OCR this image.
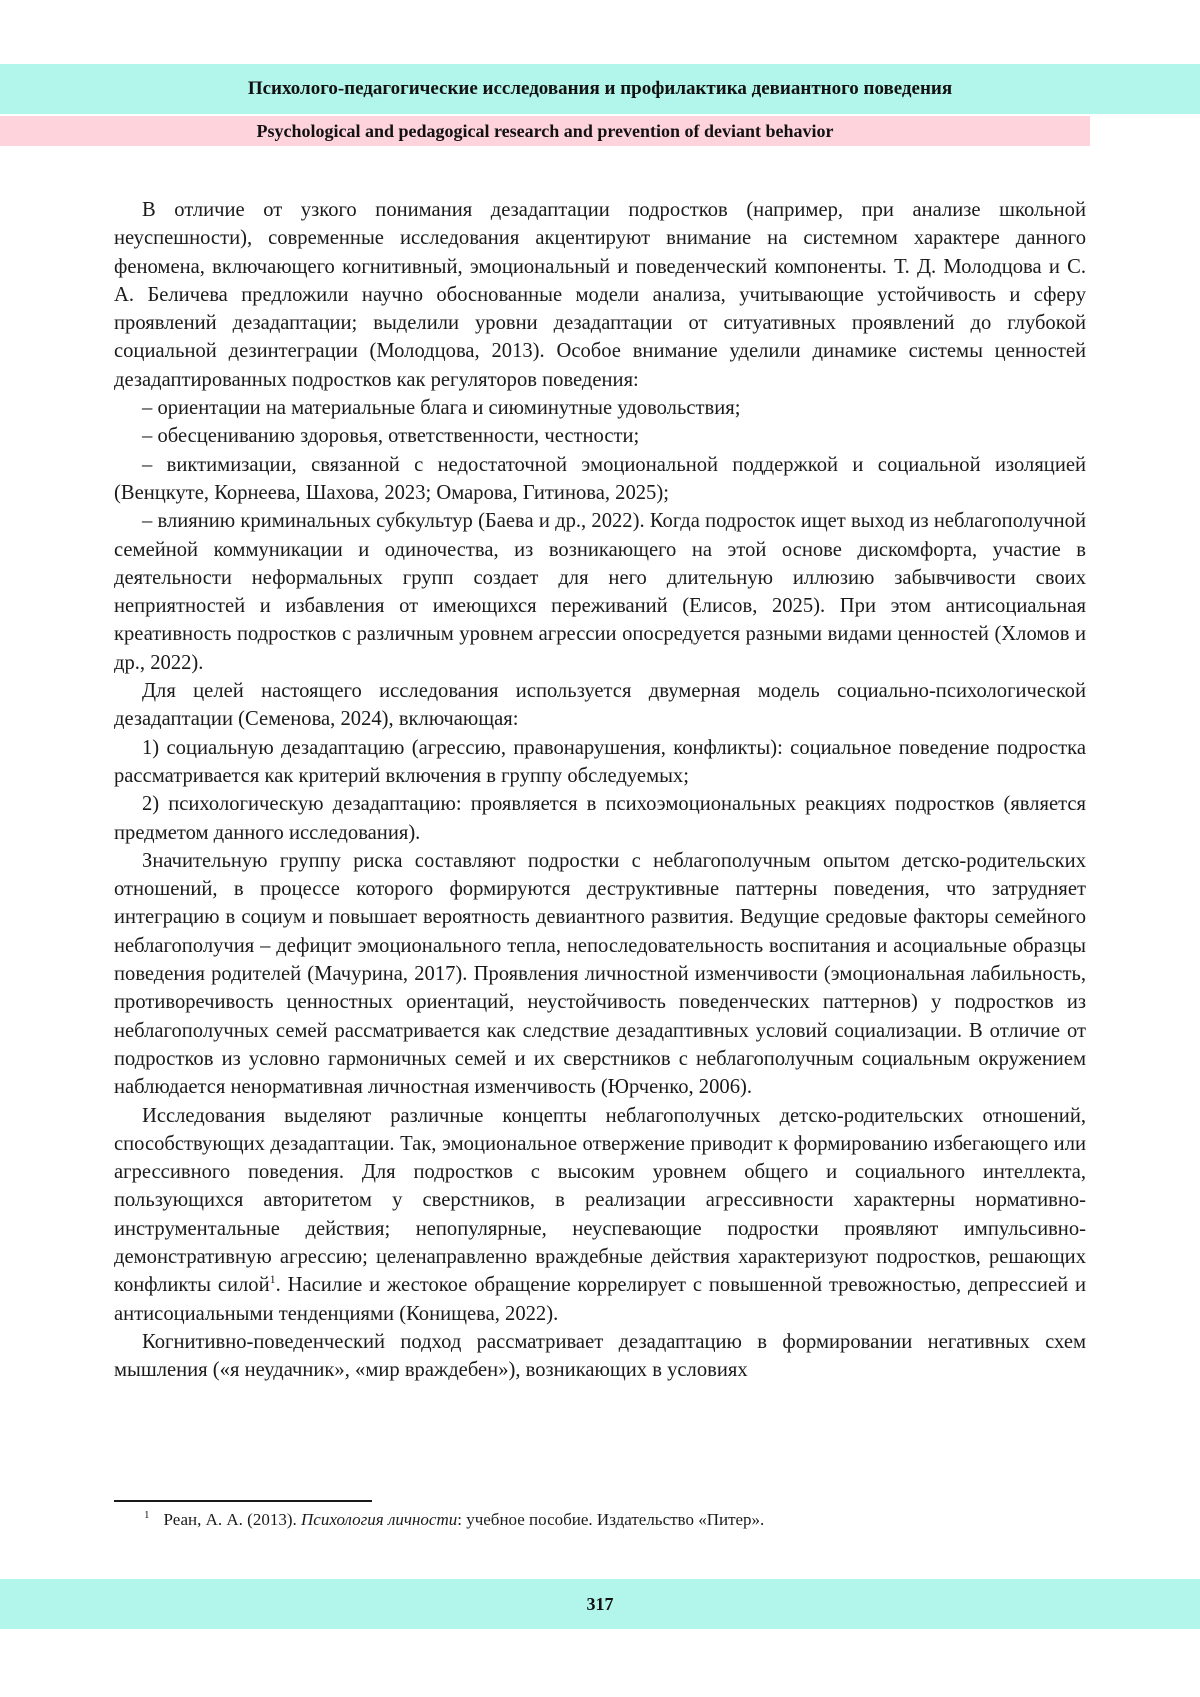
Психолого-педагогические исследования и профилактика девиантного поведения
Psychological and pedagogical research and prevention of deviant behavior

В отличие от узкого понимания дезадаптации подростков (например, при анализе школьной неуспешности), современные исследования акцентируют внимание на системном характере данного феномена, включающего когнитивный, эмоциональный и поведенческий компоненты. Т. Д. Молодцова и С. А. Беличева предложили научно обоснованные модели анализа, учитывающие устойчивость и сферу проявлений дезадаптации; выделили уровни дезадаптации от ситуативных проявлений до глубокой социальной дезинтеграции (Молодцова, 2013). Особое внимание уделили динамике системы ценностей дезадаптированных подростков как регуляторов поведения:

– ориентации на материальные блага и сиюминутные удовольствия;

– обесцениванию здоровья, ответственности, честности;

– виктимизации, связанной с недостаточной эмоциональной поддержкой и социальной изоляцией (Венцкуте, Корнеева, Шахова, 2023; Омарова, Гитинова, 2025);

– влиянию криминальных субкультур (Баева и др., 2022). Когда подросток ищет выход из неблагополучной семейной коммуникации и одиночества, из возникающего на этой основе дискомфорта, участие в деятельности неформальных групп создает для него длительную иллюзию забывчивости своих неприятностей и избавления от имеющихся переживаний (Елисов, 2025). При этом антисоциальная креативность подростков с различным уровнем агрессии опосредуется разными видами ценностей (Хломов и др., 2022).

Для целей настоящего исследования используется двумерная модель социально-психологической дезадаптации (Семенова, 2024), включающая:

1) социальную дезадаптацию (агрессию, правонарушения, конфликты): социальное поведение подростка рассматривается как критерий включения в группу обследуемых;

2) психологическую дезадаптацию: проявляется в психоэмоциональных реакциях подростков (является предметом данного исследования).

Значительную группу риска составляют подростки с неблагополучным опытом детско-родительских отношений, в процессе которого формируются деструктивные паттерны поведения, что затрудняет интеграцию в социум и повышает вероятность девиантного развития. Ведущие средовые факторы семейного неблагополучия – дефицит эмоционального тепла, непоследовательность воспитания и асоциальные образцы поведения родителей (Мачурина, 2017). Проявления личностной изменчивости (эмоциональная лабильность, противоречивость ценностных ориентаций, неустойчивость поведенческих паттернов) у подростков из неблагополучных семей рассматривается как следствие дезадаптивных условий социализации. В отличие от подростков из условно гармоничных семей и их сверстников с неблагополучным социальным окружением наблюдается ненормативная личностная изменчивость (Юрченко, 2006).

Исследования выделяют различные концепты неблагополучных детско-родительских отношений, способствующих дезадаптации. Так, эмоциональное отвержение приводит к формированию избегающего или агрессивного поведения. Для подростков с высоким уровнем общего и социального интеллекта, пользующихся авторитетом у сверстников, в реализации агрессивности характерны нормативно-инструментальные действия; непопулярные, неуспевающие подростки проявляют импульсивно-демонстративную агрессию; целенаправленно враждебные действия характеризуют подростков, решающих конфликты силой$^1$. Насилие и жестокое обращение коррелирует с повышенной тревожностью, депрессией и антисоциальными тенденциями (Конищева, 2022).

Когнитивно-поведенческий подход рассматривает дезадаптацию в формировании негативных схем мышления («я неудачник», «мир враждебен»), возникающих в условиях

$^1$ Реан, А. А. (2013). Психология личности: учебное пособие. Издательство «Питер».
317
